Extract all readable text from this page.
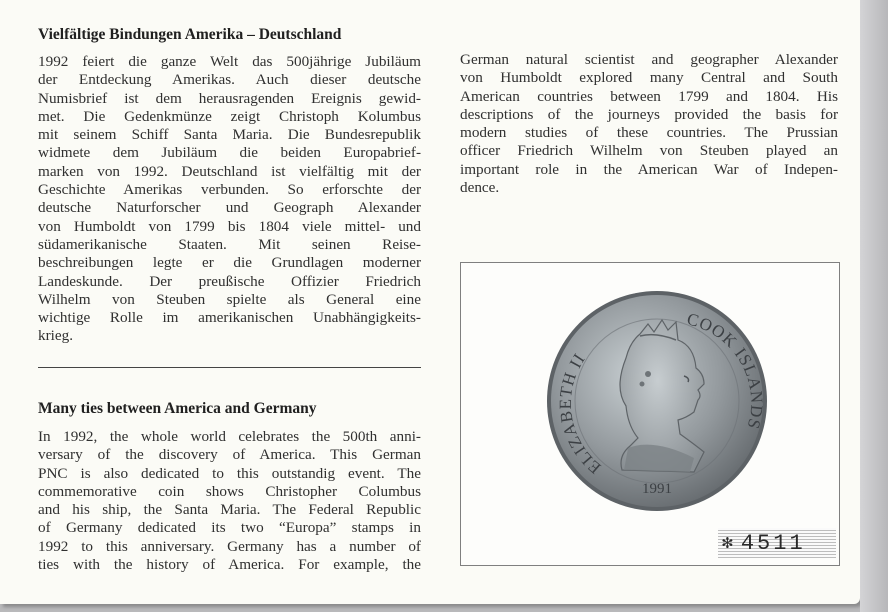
Vielfältige Bindungen Amerika – Deutschland
1992 feiert die ganze Welt das 500jährige Jubiläum
der Entdeckung Amerikas. Auch dieser deutsche
Numisbrief ist dem herausragenden Ereignis gewid-
met. Die Gedenkmünze zeigt Christoph Kolumbus
mit seinem Schiff Santa Maria. Die Bundesrepublik
widmete dem Jubiläum die beiden Europabrief-
marken von 1992. Deutschland ist vielfältig mit der
Geschichte Amerikas verbunden. So erforschte der
deutsche Naturforscher und Geograph Alexander
von Humboldt von 1799 bis 1804 viele mittel- und
südamerikanische Staaten. Mit seinen Reise-
beschreibungen legte er die Grundlagen moderner
Landeskunde. Der preußische Offizier Friedrich
Wilhelm von Steuben spielte als General eine
wichtige Rolle im amerikanischen Unabhängigkeits-
krieg.
Many ties between America and Germany
In 1992, the whole world celebrates the 500th anni-
versary of the discovery of America. This German
PNC is also dedicated to this outstandig event. The
commemorative coin shows Christopher Columbus
and his ship, the Santa Maria. The Federal Republic
of Germany dedicated its two “Europa” stamps in
1992 to this anniversary. Germany has a number of
ties with the history of America. For example, the
German natural scientist and geographer Alexander
von Humboldt explored many Central and South
American countries between 1799 and 1804. His
descriptions of the journeys provided the basis for
modern studies of these countries. The Prussian
officer Friedrich Wilhelm von Steuben played an
important role in the American War of Indepen-
dence.
ELIZABETH II
COOK ISLANDS
1991
✻ 4511
